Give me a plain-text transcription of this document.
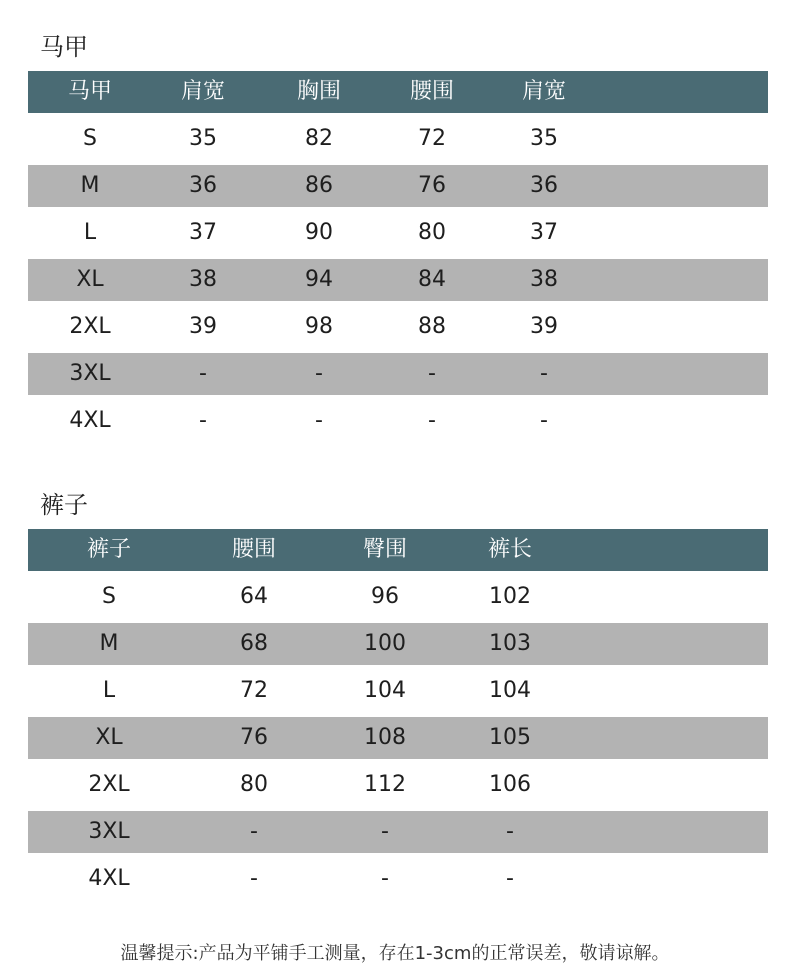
马甲
马甲	肩宽	胸围	腰围	肩宽
S	35	82	72	35
M	36	86	76	36
L	37	90	80	37
XL	38	94	84	38
2XL	39	98	88	39
3XL	-	-	-	-
4XL	-	-	-	-
裤子
裤子	腰围	臀围	裤长
S	64	96	102
M	68	100	103
L	72	104	104
XL	76	108	105
2XL	80	112	106
3XL	-	-	-
4XL	-	-	-
温馨提示:产品为平铺手工测量，存在1-3cm的正常误差，敬请谅解。
